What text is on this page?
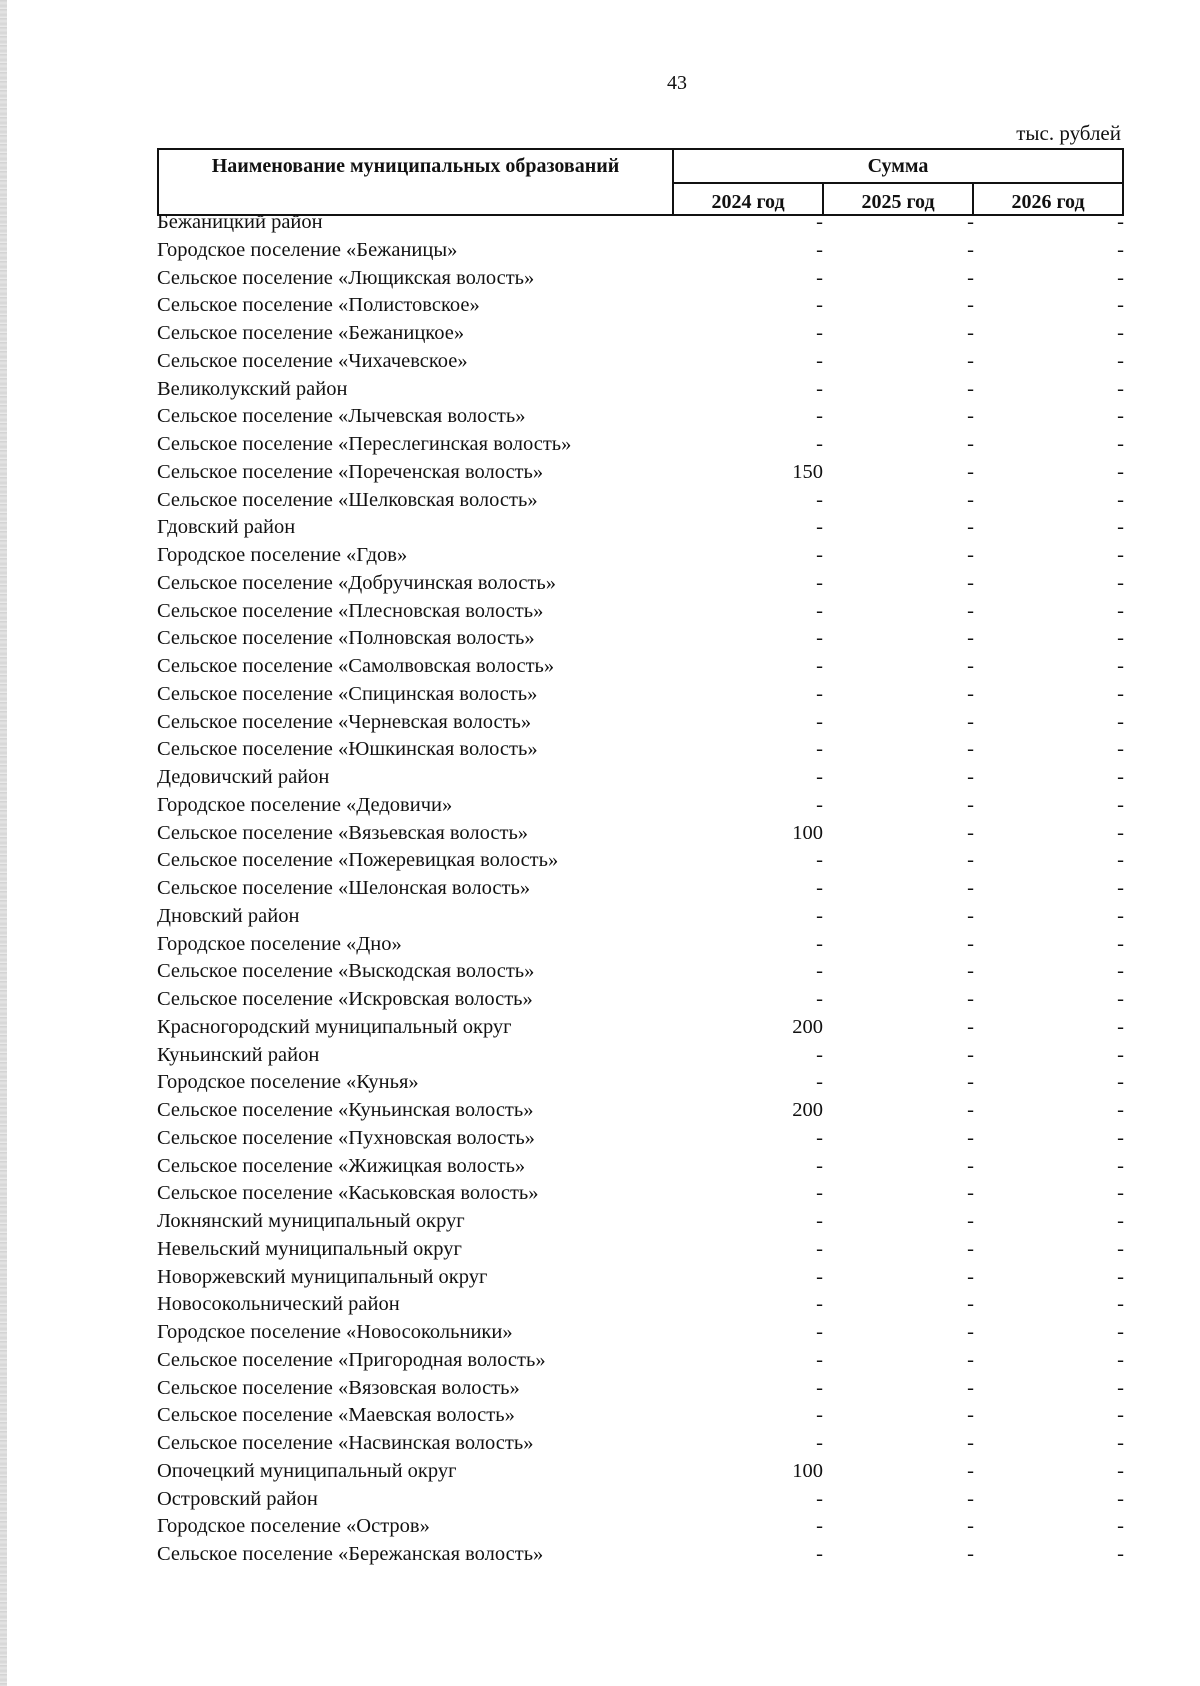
43
тыс. рублей
Наименование муниципальных образований	Сумма		
	2024 год	2025 год	2026 год
Бежаницкий район	-	-	-
Городское поселение «Бежаницы»	-	-	-
Сельское поселение «Лющикская волость»	-	-	-
Сельское поселение «Полистовское»	-	-	-
Сельское поселение «Бежаницкое»	-	-	-
Сельское поселение «Чихачевское»	-	-	-
Великолукский район	-	-	-
Сельское поселение «Лычевская волость»	-	-	-
Сельское поселение «Переслегинская волость»	-	-	-
Сельское поселение «Пореченская волость»	150	-	-
Сельское поселение «Шелковская волость»	-	-	-
Гдовский район	-	-	-
Городское поселение «Гдов»	-	-	-
Сельское поселение «Добручинская волость»	-	-	-
Сельское поселение «Плесновская волость»	-	-	-
Сельское поселение «Полновская волость»	-	-	-
Сельское поселение «Самолвовская волость»	-	-	-
Сельское поселение «Спицинская волость»	-	-	-
Сельское поселение «Черневская волость»	-	-	-
Сельское поселение «Юшкинская волость»	-	-	-
Дедовичский район	-	-	-
Городское поселение «Дедовичи»	-	-	-
Сельское поселение «Вязьевская волость»	100	-	-
Сельское поселение «Пожеревицкая волость»	-	-	-
Сельское поселение «Шелонская волость»	-	-	-
Дновский район	-	-	-
Городское поселение «Дно»	-	-	-
Сельское поселение «Выскодская волость»	-	-	-
Сельское поселение «Искровская волость»	-	-	-
Красногородский муниципальный округ	200	-	-
Куньинский район	-	-	-
Городское поселение «Кунья»	-	-	-
Сельское поселение «Куньинская волость»	200	-	-
Сельское поселение «Пухновская волость»	-	-	-
Сельское поселение «Жижицкая волость»	-	-	-
Сельское поселение «Каськовская волость»	-	-	-
Локнянский муниципальный округ	-	-	-
Невельский муниципальный округ	-	-	-
Новоржевский муниципальный округ	-	-	-
Новосокольнический район	-	-	-
Городское поселение «Новосокольники»	-	-	-
Сельское поселение «Пригородная волость»	-	-	-
Сельское поселение «Вязовская волость»	-	-	-
Сельское поселение «Маевская волость»	-	-	-
Сельское поселение «Насвинская волость»	-	-	-
Опочецкий муниципальный округ	100	-	-
Островский район	-	-	-
Городское поселение «Остров»	-	-	-
Сельское поселение «Бережанская волость»	-	-	-
